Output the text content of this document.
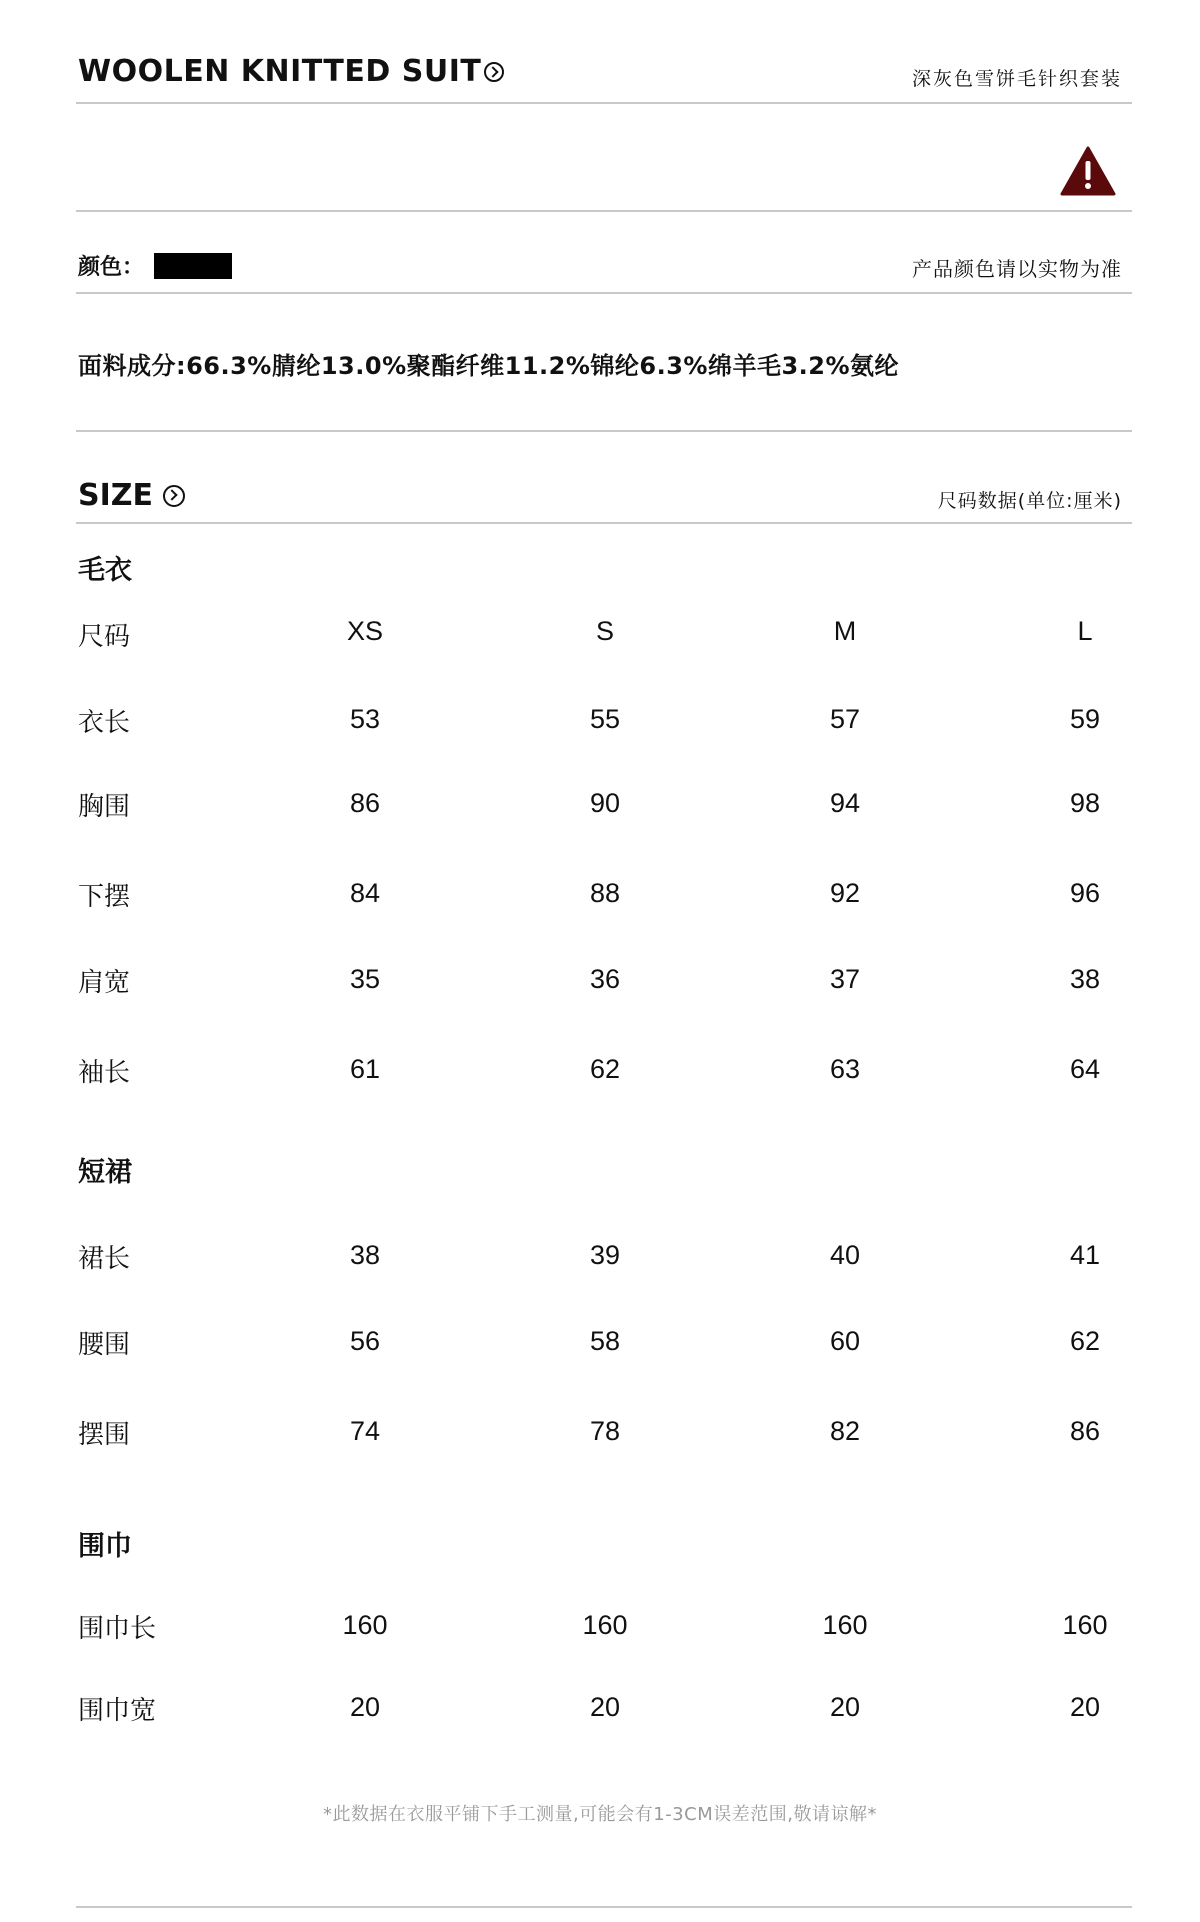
WOOLEN KNITTED SUIT	深灰色雪饼毛针织套装
颜色：	产品颜色请以实物为准
面料成分:66.3%腈纶13.0%聚酯纤维11.2%锦纶6.3%绵羊毛3.2%氨纶
SIZE	尺码数据(单位:厘米)
毛衣
尺码	XS	S	M	L
衣长	53	55	57	59
胸围	86	90	94	98
下摆	84	88	92	96
肩宽	35	36	37	38
袖长	61	62	63	64
短裙
裙长	38	39	40	41
腰围	56	58	60	62
摆围	74	78	82	86
围巾
围巾长	160	160	160	160
围巾宽	20	20	20	20
*此数据在衣服平铺下手工测量,可能会有1-3CM误差范围,敬请谅解*
